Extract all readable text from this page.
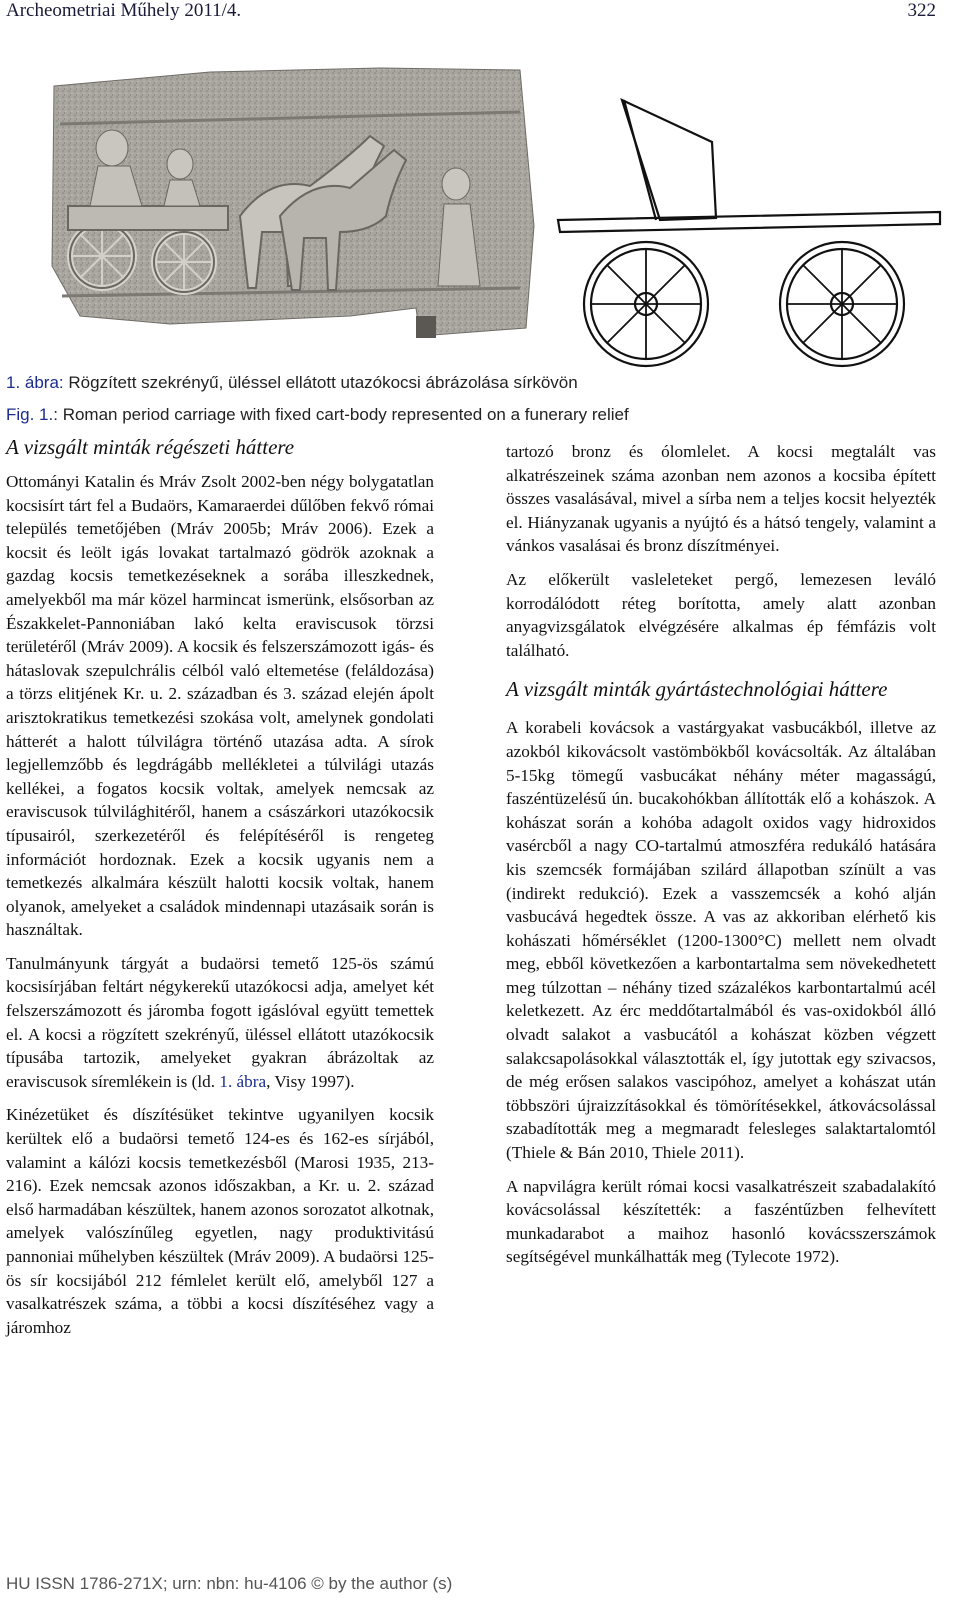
Archeometriai Műhely 2011/4.	322
1. ábra: Rögzített szekrényű, üléssel ellátott utazókocsi ábrázolása sírkövön
Fig. 1.: Roman period carriage with fixed cart-body represented on a funerary relief
A vizsgált minták régészeti háttere

Ottományi Katalin és Mráv Zsolt 2002-ben négy bolygatatlan kocsisírt tárt fel a Budaörs, Kamaraerdei dűlőben fekvő római település temetőjében (Mráv 2005b; Mráv 2006). Ezek a kocsit és leölt igás lovakat tartalmazó gödrök azoknak a gazdag kocsis temetkezéseknek a sorába illeszkednek, amelyekből ma már közel harmincat ismerünk, elsősorban az Északkelet-Pannoniában lakó kelta eraviscusok törzsi területéről (Mráv 2009). A kocsik és felszerszámozott igás- és hátaslovak szepulchrális célból való eltemetése (feláldozása) a törzs elitjének Kr. u. 2. században és 3. század elején ápolt arisztokratikus temetkezési szokása volt, amelynek gondolati hátterét a halott túlvilágra történő utazása adta. A sírok legjellemzőbb és legdrágább mellékletei a túlvilági utazás kellékei, a fogatos kocsik voltak, amelyek nemcsak az eraviscusok túlvilághitéről, hanem a császárkori utazókocsik típusairól, szerkezetéről és felépítéséről is rengeteg információt hordoznak. Ezek a kocsik ugyanis nem a temetkezés alkalmára készült halotti kocsik voltak, hanem olyanok, amelyeket a családok mindennapi utazásaik során is használtak.

Tanulmányunk tárgyát a budaörsi temető 125-ös számú kocsisírjában feltárt négykerekű utazókocsi adja, amelyet két felszerszámozott és járomba fogott igáslóval együtt temettek el. A kocsi a rögzített szekrényű, üléssel ellátott utazókocsik típusába tartozik, amelyeket gyakran ábrázoltak az eraviscusok síremlékein is (ld. 1. ábra, Visy 1997).

Kinézetüket és díszítésüket tekintve ugyanilyen kocsik kerültek elő a budaörsi temető 124-es és 162-es sírjából, valamint a kálózi kocsis temetkezésből (Marosi 1935, 213-216). Ezek nemcsak azonos időszakban, a Kr. u. 2. század első harmadában készültek, hanem azonos sorozatot alkotnak, amelyek valószínűleg egyetlen, nagy produktivitású pannoniai műhelyben készültek (Mráv 2009). A budaörsi 125-ös sír kocsijából 212 fémlelet került elő, amelyből 127 a vasalkatrészek száma, a többi a kocsi díszítéséhez vagy a járomhoz

tartozó bronz és ólomlelet. A kocsi megtalált vas alkatrészeinek száma azonban nem azonos a kocsiba épített összes vasalásával, mivel a sírba nem a teljes kocsit helyezték el. Hiányzanak ugyanis a nyújtó és a hátsó tengely, valamint a vánkos vasalásai és bronz díszítményei.

Az előkerült vasleleteket pergő, lemezesen leváló korrodálódott réteg borította, amely alatt azonban anyagvizsgálatok elvégzésére alkalmas ép fémfázis volt található.

A vizsgált minták gyártástechnológiai háttere

A korabeli kovácsok a vastárgyakat vasbucákból, illetve az azokból kikovácsolt vastömbökből kovácsolták. Az általában 5-15kg tömegű vasbucákat néhány méter magasságú, faszéntüzelésű ún. bucakohókban állították elő a kohászok. A kohászat során a kohóba adagolt oxidos vagy hidroxidos vasércből a nagy CO-tartalmú atmoszféra redukáló hatására kis szemcsék formájában szilárd állapotban színült a vas (indirekt redukció). Ezek a vasszemcsék a kohó alján vasbucává hegedtek össze. A vas az akkoriban elérhető kis kohászati hőmérséklet (1200-1300°C) mellett nem olvadt meg, ebből következően a karbontartalma sem növekedhetett meg túlzottan – néhány tized százalékos karbontartalmú acél keletkezett. Az érc meddőtartalmából és vas-oxidokból álló olvadt salakot a vasbucától a kohászat közben végzett salakcsapolásokkal választották el, így jutottak egy szivacsos, de még erősen salakos vascipóhoz, amelyet a kohászat után többszöri újraizzításokkal és tömörítésekkel, átkovácsolással szabadították meg a megmaradt felesleges salaktartalomtól (Thiele & Bán 2010, Thiele 2011).

A napvilágra került római kocsi vasalkatrészeit szabadalakító kovácsolással készítették: a faszéntűzben felhevített munkadarabot a maihoz hasonló kovácsszerszámok segítségével munkálhatták meg (Tylecote 1972).

HU ISSN 1786-271X; urn: nbn: hu-4106 © by the author (s)
